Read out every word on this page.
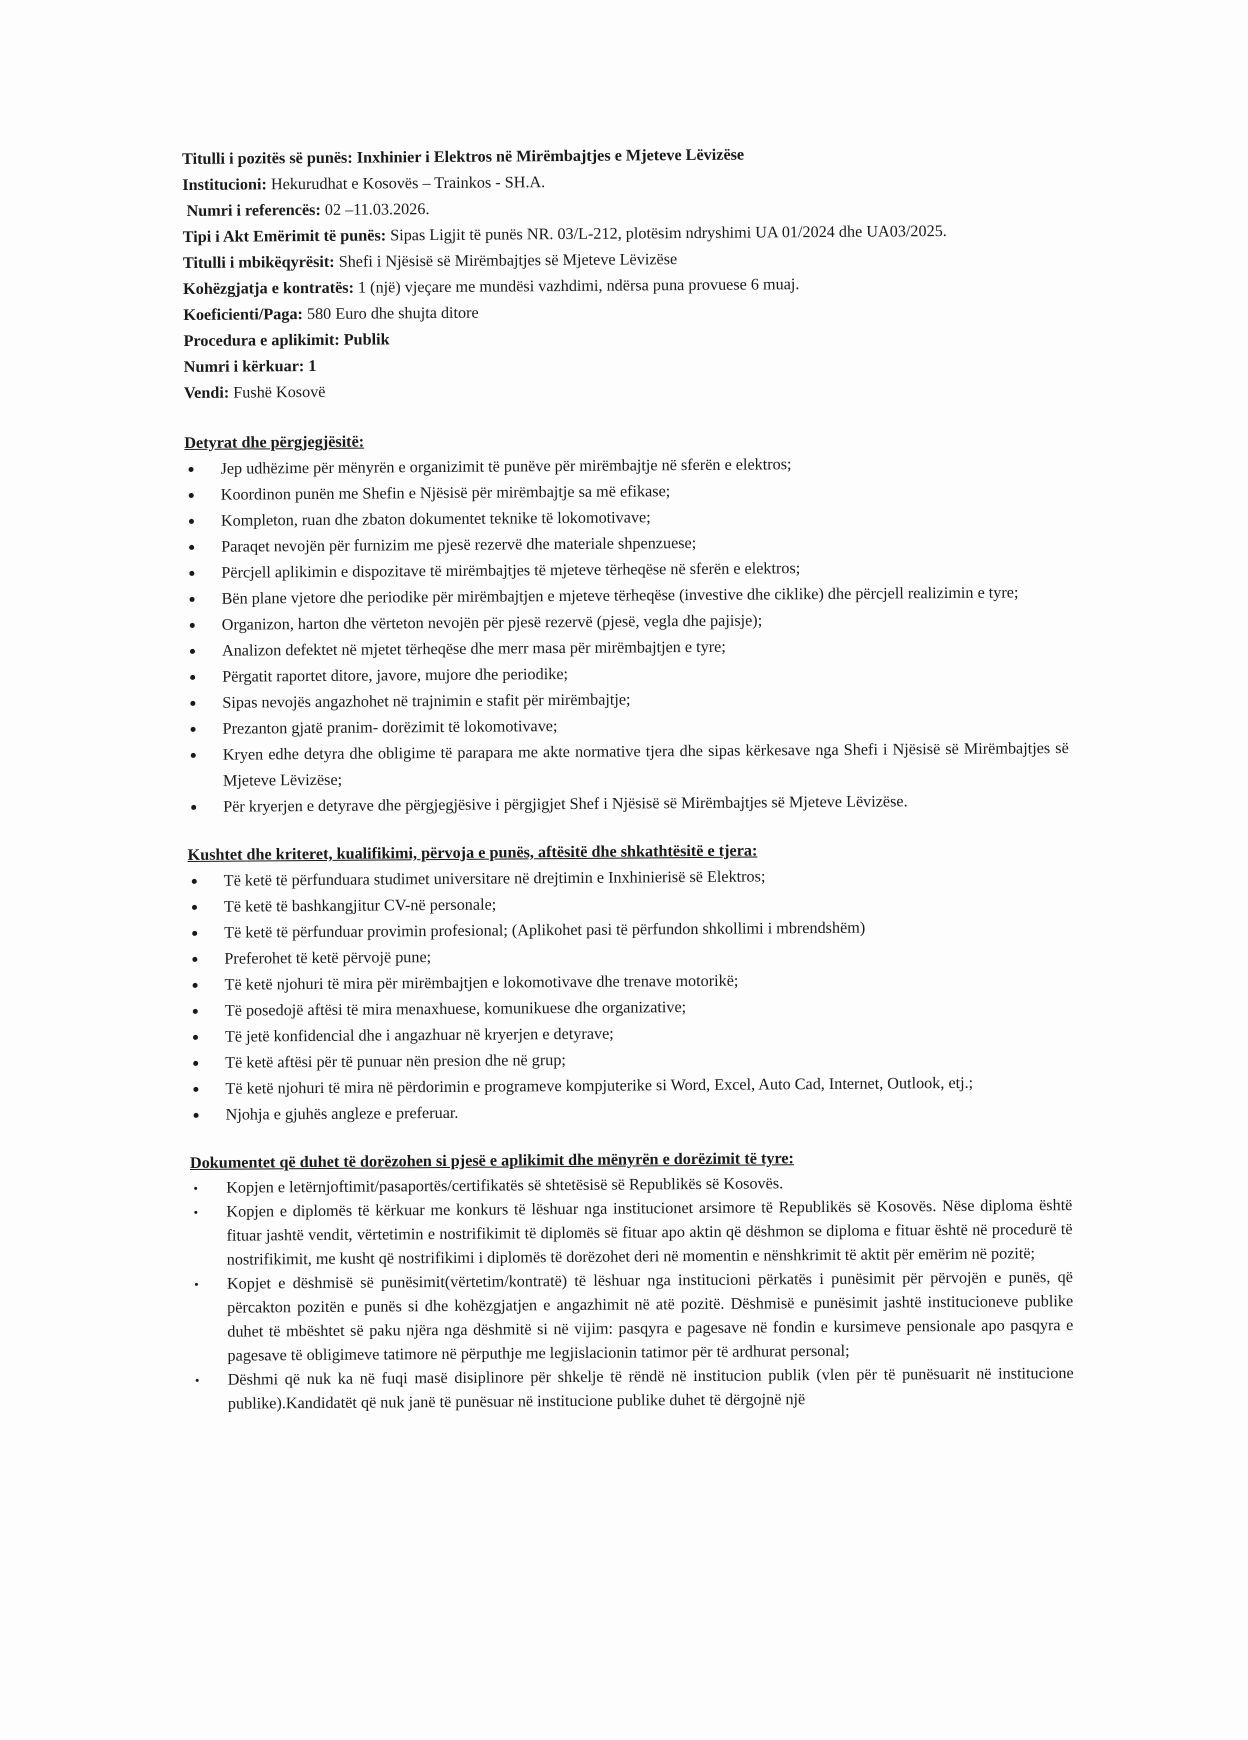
Titulli i pozitës së punës: Inxhinier i Elektros në Mirëmbajtjes e Mjeteve Lëvizëse

Institucioni: Hekurudhat e Kosovës – Trainkos - SH.A.

Numri i referencës: 02 –11.03.2026.

Tipi i Akt Emërimit të punës: Sipas Ligjit të punës NR. 03/L-212, plotësim ndryshimi UA 01/2024 dhe UA03/2025.

Titulli i mbikëqyrësit: Shefi i Njësisë së Mirëmbajtjes së Mjeteve Lëvizëse

Kohëzgjatja e kontratës: 1 (një) vjeçare me mundësi vazhdimi, ndërsa puna provuese 6 muaj.

Koeficienti/Paga: 580 Euro dhe shujta ditore

Procedura e aplikimit: Publik

Numri i kërkuar: 1

Vendi: Fushë Kosovë

Detyrat dhe përgjegjësitë:

Jep udhëzime për mënyrën e organizimit të punëve për mirëmbajtje në sferën e elektros;
Koordinon punën me Shefin e Njësisë për mirëmbajtje sa më efikase;
Kompleton, ruan dhe zbaton dokumentet teknike të lokomotivave;
Paraqet nevojën për furnizim me pjesë rezervë dhe materiale shpenzuese;
Përcjell aplikimin e dispozitave të mirëmbajtjes të mjeteve tërheqëse në sferën e elektros;
Bën plane vjetore dhe periodike për mirëmbajtjen e mjeteve tërheqëse (investive dhe ciklike) dhe përcjell realizimin e tyre;
Organizon, harton dhe vërteton nevojën për pjesë rezervë (pjesë, vegla dhe pajisje);
Analizon defektet në mjetet tërheqëse dhe merr masa për mirëmbajtjen e tyre;
Përgatit raportet ditore, javore, mujore dhe periodike;
Sipas nevojës angazhohet në trajnimin e stafit për mirëmbajtje;
Prezanton gjatë pranim- dorëzimit të lokomotivave;
Kryen edhe detyra dhe obligime të parapara me akte normative tjera dhe sipas kërkesave nga Shefi i Njësisë së Mirëmbajtjes së Mjeteve Lëvizëse;
Për kryerjen e detyrave dhe përgjegjësive i përgjigjet Shef i Njësisë së Mirëmbajtjes së Mjeteve Lëvizëse.

Kushtet dhe kriteret, kualifikimi, përvoja e punës, aftësitë dhe shkathtësitë e tjera:

Të ketë të përfunduara studimet universitare në drejtimin e Inxhinierisë së Elektros;
Të ketë të bashkangjitur CV-në personale;
Të ketë të përfunduar provimin profesional; (Aplikohet pasi të përfundon shkollimi i mbrendshëm)
Preferohet të ketë përvojë pune;
Të ketë njohuri të mira për mirëmbajtjen e lokomotivave dhe trenave motorikë;
Të posedojë aftësi të mira menaxhuese, komunikuese dhe organizative;
Të jetë konfidencial dhe i angazhuar në kryerjen e detyrave;
Të ketë aftësi për të punuar nën presion dhe në grup;
Të ketë njohuri të mira në përdorimin e programeve kompjuterike si Word, Excel, Auto Cad, Internet, Outlook, etj.;
Njohja e gjuhës angleze e preferuar.

Dokumentet që duhet të dorëzohen si pjesë e aplikimit dhe mënyrën e dorëzimit të tyre:

Kopjen e letërnjoftimit/pasaportës/certifikatës së shtetësisë së Republikës së Kosovës.
Kopjen e diplomës të kërkuar me konkurs të lëshuar nga institucionet arsimore të Republikës së Kosovës. Nëse diploma është fituar jashtë vendit, vërtetimin e nostrifikimit të diplomës së fituar apo aktin që dëshmon se diploma e fituar është në procedurë të nostrifikimit, me kusht që nostrifikimi i diplomës të dorëzohet deri në momentin e nënshkrimit të aktit për emërim në pozitë;
Kopjet e dëshmisë së punësimit(vërtetim/kontratë) të lëshuar nga institucioni përkatës i punësimit për përvojën e punës, që përcakton pozitën e punës si dhe kohëzgjatjen e angazhimit në atë pozitë. Dëshmisë e punësimit jashtë institucioneve publike duhet të mbështet së paku njëra nga dëshmitë si në vijim: pasqyra e pagesave në fondin e kursimeve pensionale apo pasqyra e pagesave të obligimeve tatimore në përputhje me legjislacionin tatimor për të ardhurat personal;
Dëshmi që nuk ka në fuqi masë disiplinore për shkelje të rëndë në institucion publik (vlen për të punësuarit në institucione publike).Kandidatët që nuk janë të punësuar në institucione publike duhet të dërgojnë një
